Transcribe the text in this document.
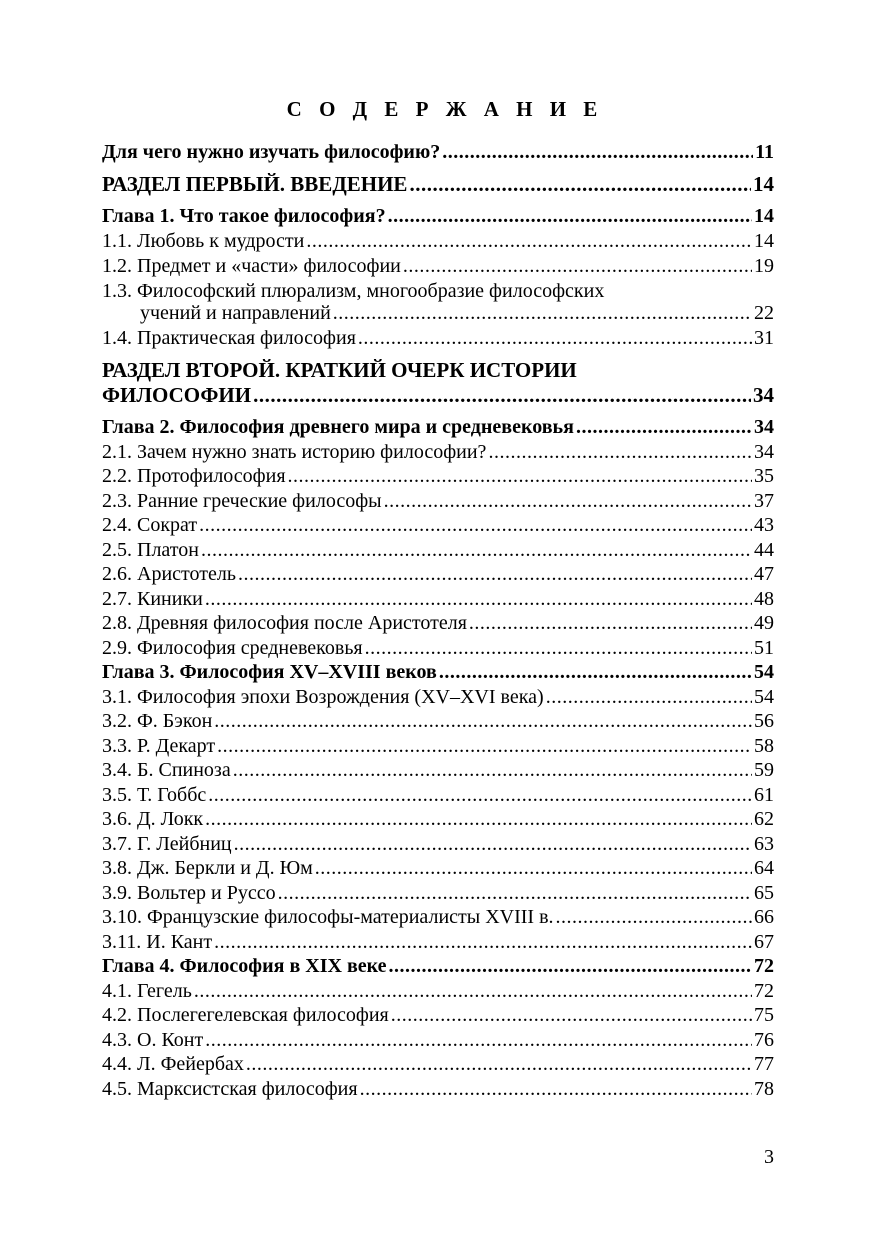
С О Д Е Р Ж А Н И Е
Для чего нужно изучать философию? .....	11
РАЗДЕЛ ПЕРВЫЙ. ВВЕДЕНИЕ .....	14
Глава 1. Что такое философия? .....	14
1.1. Любовь к мудрости .....	14
1.2. Предмет и «части» философии .....	19
1.3. Философский плюрализм, многообразие философских
учений и направлений .....	22
1.4. Практическая философия .....	31
РАЗДЕЛ ВТОРОЙ. КРАТКИЙ ОЧЕРК ИСТОРИИ
ФИЛОСОФИИ .....	34
Глава 2. Философия древнего мира и средневековья .....	34
2.1. Зачем нужно знать историю философии? .....	34
2.2. Протофилософия .....	35
2.3. Ранние греческие философы .....	37
2.4. Сократ .....	43
2.5. Платон .....	44
2.6. Аристотель .....	47
2.7. Киники .....	48
2.8. Древняя философия после Аристотеля .....	49
2.9. Философия средневековья .....	51
Глава 3. Философия XV–XVIII веков .....	54
3.1. Философия эпохи Возрождения (XV–XVI века) .....	54
3.2. Ф. Бэкон .....	56
3.3. Р. Декарт .....	58
3.4. Б. Спиноза .....	59
3.5. Т. Гоббс .....	61
3.6. Д. Локк .....	62
3.7. Г. Лейбниц .....	63
3.8. Дж. Беркли и Д. Юм .....	64
3.9. Вольтер и Руссо .....	65
3.10. Французские философы-материалисты XVIII в. .....	66
3.11. И. Кант .....	67
Глава 4. Философия в XIX веке .....	72
4.1. Гегель .....	72
4.2. Послегегелевская философия .....	75
4.3. О. Конт .....	76
4.4. Л. Фейербах .....	77
4.5. Марксистская философия .....	78
3
